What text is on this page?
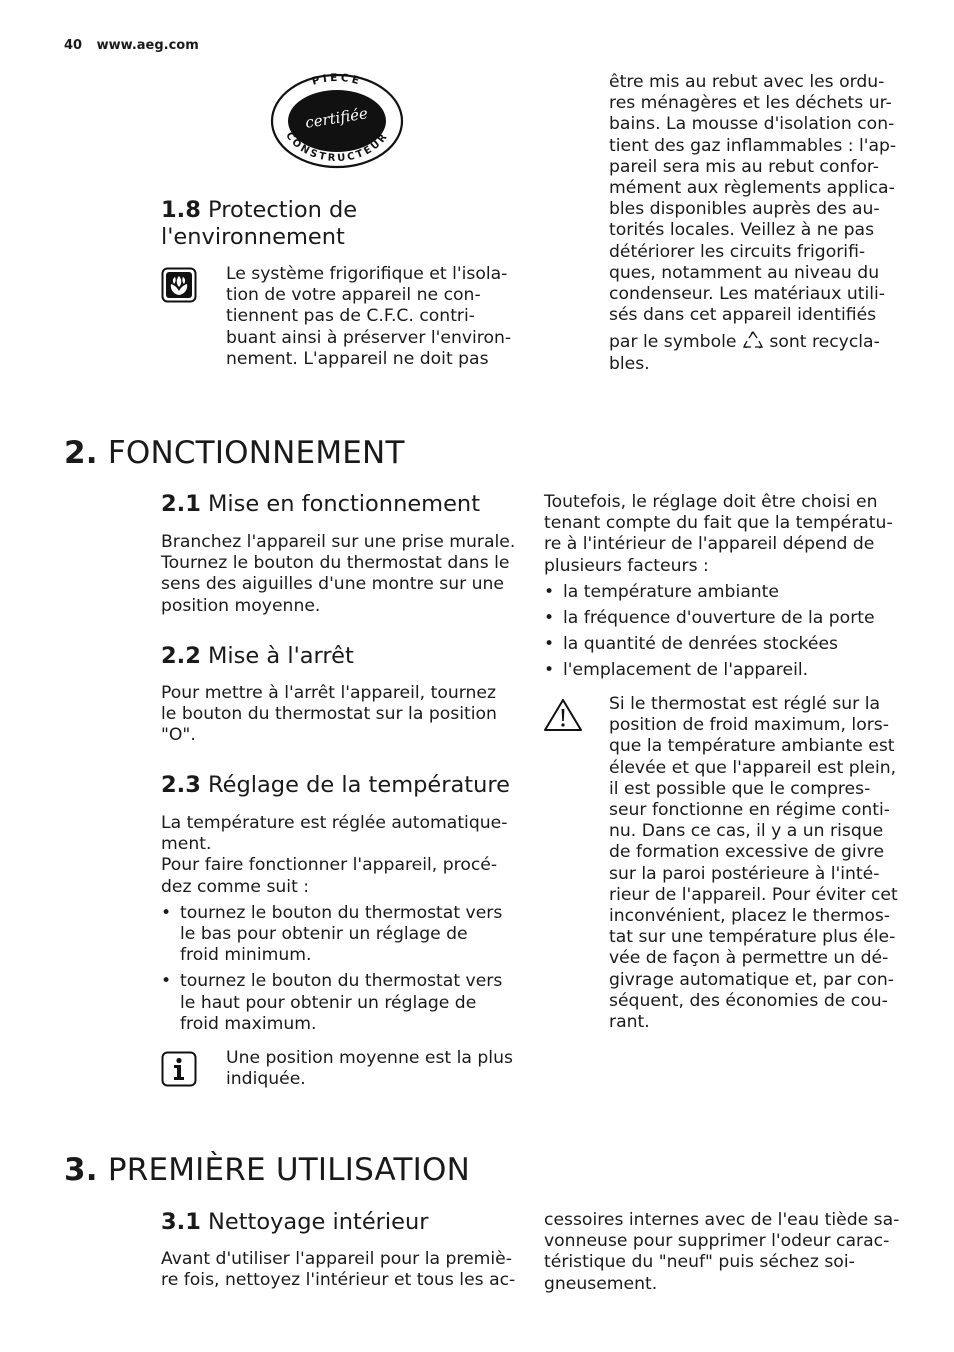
40 www.aeg.com
PIECE
CONSTRUCTEUR
certifiée
1.8 Protection de
l'environnement
Le système frigorifique et l'isola-
tion de votre appareil ne con-
tiennent pas de C.F.C. contri-
buant ainsi à préserver l'environ-
nement. L'appareil ne doit pas
être mis au rebut avec les ordu-
res ménagères et les déchets ur-
bains. La mousse d'isolation con-
tient des gaz inflammables : l'ap-
pareil sera mis au rebut confor-
mément aux règlements applica-
bles disponibles auprès des au-
torités locales. Veillez à ne pas
détériorer les circuits frigorifi-
ques, notamment au niveau du
condenseur. Les matériaux utili-
sés dans cet appareil identifiés
par le symbole sont recycla-
bles.
2. FONCTIONNEMENT
2.1 Mise en fonctionnement
Branchez l'appareil sur une prise murale.
Tournez le bouton du thermostat dans le
sens des aiguilles d'une montre sur une
position moyenne.
2.2 Mise à l'arrêt
Pour mettre à l'arrêt l'appareil, tournez
le bouton du thermostat sur la position
"O".
2.3 Réglage de la température
La température est réglée automatique-
ment.
Pour faire fonctionner l'appareil, procé-
dez comme suit :
• tournez le bouton du thermostat vers
le bas pour obtenir un réglage de
froid minimum.
• tournez le bouton du thermostat vers
le haut pour obtenir un réglage de
froid maximum.
Une position moyenne est la plus
indiquée.
Toutefois, le réglage doit être choisi en
tenant compte du fait que la températu-
re à l'intérieur de l'appareil dépend de
plusieurs facteurs :
• la température ambiante
• la fréquence d'ouverture de la porte
• la quantité de denrées stockées
• l'emplacement de l'appareil.
Si le thermostat est réglé sur la
position de froid maximum, lors-
que la température ambiante est
élevée et que l'appareil est plein,
il est possible que le compres-
seur fonctionne en régime conti-
nu. Dans ce cas, il y a un risque
de formation excessive de givre
sur la paroi postérieure à l'inté-
rieur de l'appareil. Pour éviter cet
inconvénient, placez le thermos-
tat sur une température plus éle-
vée de façon à permettre un dé-
givrage automatique et, par con-
séquent, des économies de cou-
rant.
3. PREMIÈRE UTILISATION
3.1 Nettoyage intérieur
Avant d'utiliser l'appareil pour la premiè-
re fois, nettoyez l'intérieur et tous les ac-
cessoires internes avec de l'eau tiède sa-
vonneuse pour supprimer l'odeur carac-
téristique du "neuf" puis séchez soi-
gneusement.
